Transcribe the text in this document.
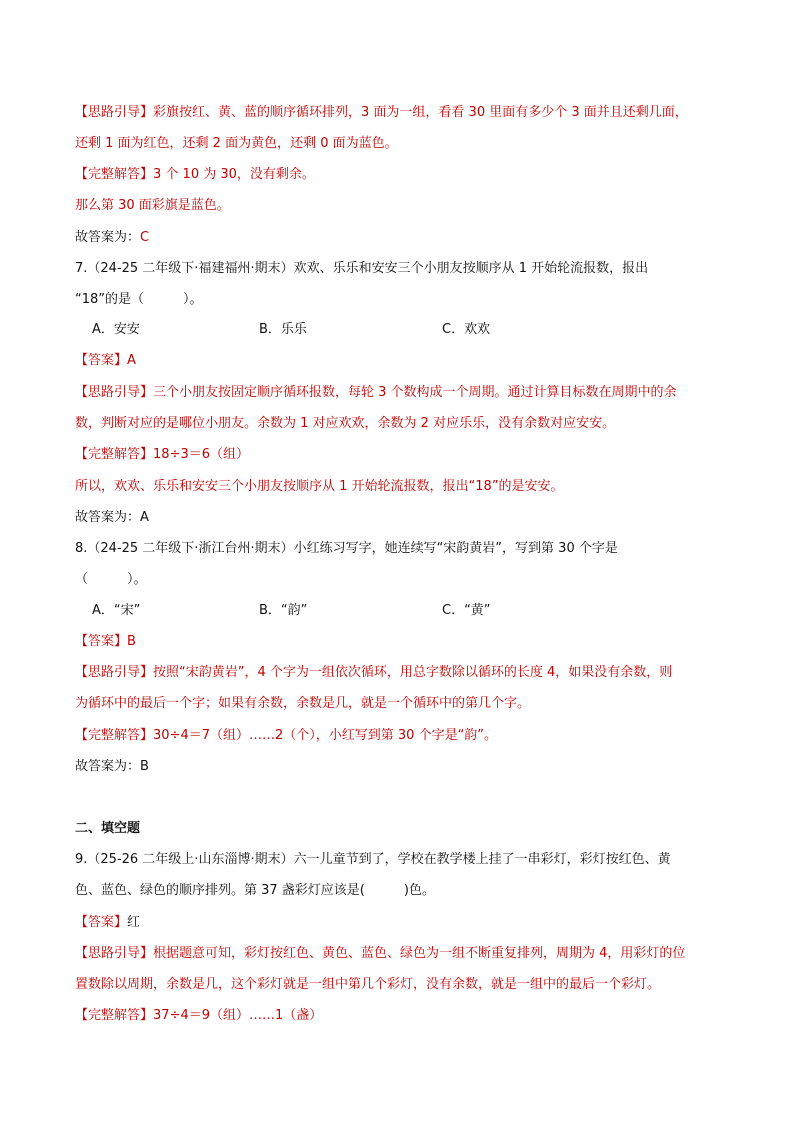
【思路引导】彩旗按红、黄、蓝的顺序循环排列，3 面为一组，看看 30 里面有多少个 3 面并且还剩几面，
还剩 1 面为红色，还剩 2 面为黄色，还剩 0 面为蓝色。
【完整解答】3 个 10 为 30，没有剩余。
那么第 30 面彩旗是蓝色。
故答案为：C
7.（24-25 二年级下·福建福州·期末）欢欢、乐乐和安安三个小朋友按顺序从 1 开始轮流报数，报出
“18”的是（　　　）。
A．安安	B．乐乐	C．欢欢
【答案】A
【思路引导】三个小朋友按固定顺序循环报数，每轮 3 个数构成一个周期。通过计算目标数在周期中的余
数，判断对应的是哪位小朋友。余数为 1 对应欢欢，余数为 2 对应乐乐，没有余数对应安安。
【完整解答】18÷3＝6（组）
所以，欢欢、乐乐和安安三个小朋友按顺序从 1 开始轮流报数，报出“18”的是安安。
故答案为：A
8.（24-25 二年级下·浙江台州·期末）小红练习写字，她连续写“宋韵黄岩”，写到第 30 个字是
（　　　）。
A．“宋”	B．“韵”	C．“黄”
【答案】B
【思路引导】按照“宋韵黄岩”，4 个字为一组依次循环，用总字数除以循环的长度 4，如果没有余数，则
为循环中的最后一个字；如果有余数，余数是几，就是一个循环中的第几个字。
【完整解答】30÷4＝7（组）……2（个），小红写到第 30 个字是“韵”。
故答案为：B
二、填空题
9.（25-26 二年级上·山东淄博·期末）六一儿童节到了，学校在教学楼上挂了一串彩灯，彩灯按红色、黄
色、蓝色、绿色的顺序排列。第 37 盏彩灯应该是(　　　)色。
【答案】红
【思路引导】根据题意可知，彩灯按红色、黄色、蓝色、绿色为一组不断重复排列，周期为 4，用彩灯的位
置数除以周期，余数是几，这个彩灯就是一组中第几个彩灯，没有余数，就是一组中的最后一个彩灯。
【完整解答】37÷4＝9（组）……1（盏）
